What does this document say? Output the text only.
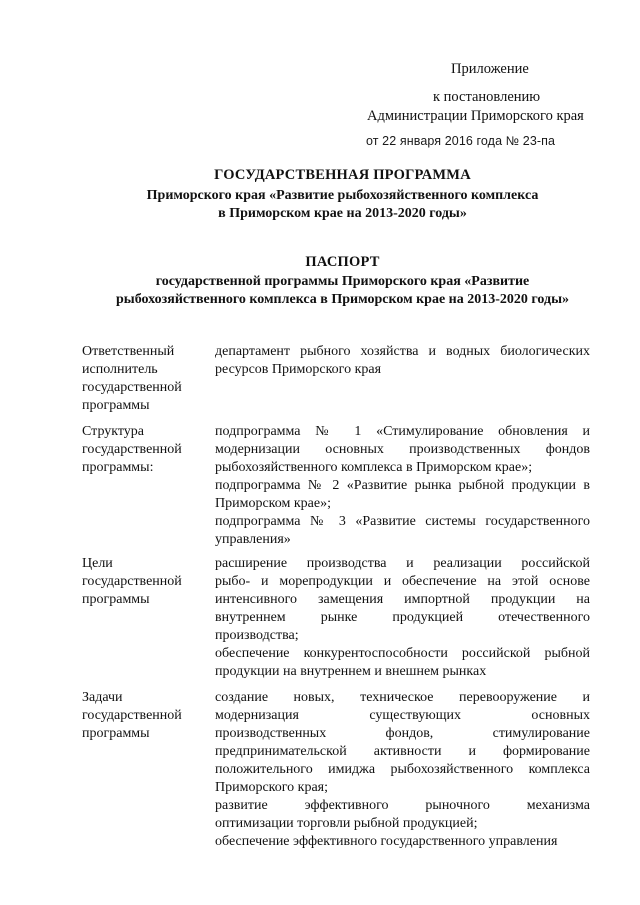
Приложение
к постановлению
Администрации Приморского края
от 22 января 2016 года № 23-па
ГОСУДАРСТВЕННАЯ ПРОГРАММА
Приморского края «Развитие рыбохозяйственного комплекса
в Приморском крае на 2013-2020 годы»
ПАСПОРТ
государственной программы Приморского края «Развитие
рыбохозяйственного комплекса в Приморском крае на 2013-2020 годы»
Ответственный
исполнитель
государственной
программы
департамент рыбного хозяйства и водных биологических
ресурсов Приморского края
Структура
государственной
программы:
подпрограмма № 1 «Стимулирование обновления и
модернизации основных производственных фондов
рыбохозяйственного комплекса в Приморском крае»;
подпрограмма № 2 «Развитие рынка рыбной продукции в
Приморском крае»;
подпрограмма № 3 «Развитие системы государственного
управления»
Цели
государственной
программы
расширение производства и реализации российской
рыбо- и морепродукции и обеспечение на этой основе
интенсивного замещения импортной продукции на
внутреннем рынке продукцией отечественного
производства;
обеспечение конкурентоспособности российской рыбной
продукции на внутреннем и внешнем рынках
Задачи
государственной
программы
создание новых, техническое перевооружение и
модернизация существующих основных
производственных фондов, стимулирование
предпринимательской активности и формирование
положительного имиджа рыбохозяйственного комплекса
Приморского края;
развитие эффективного рыночного механизма
оптимизации торговли рыбной продукцией;
обеспечение эффективного государственного управления
